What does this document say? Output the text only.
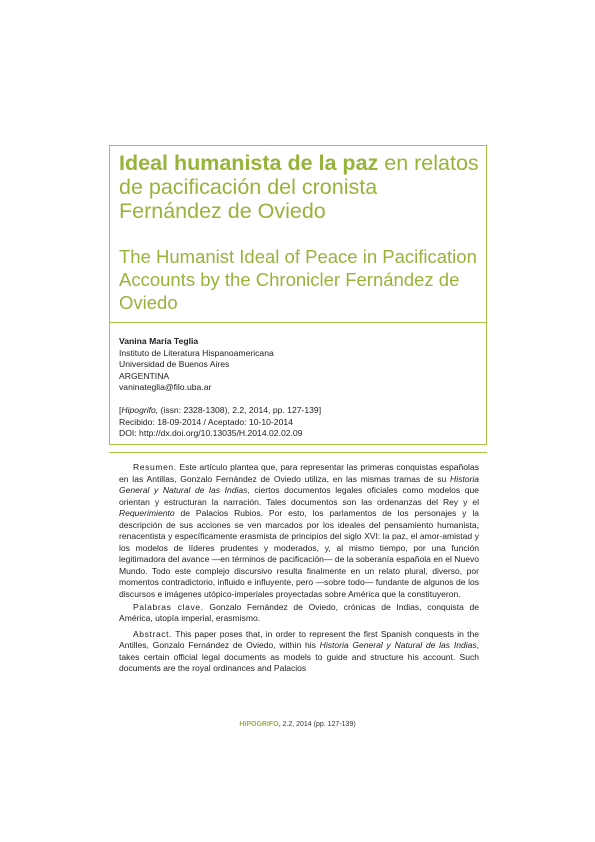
Ideal humanista de la paz en relatos de pacificación del cronista Fernández de Oviedo
The Humanist Ideal of Peace in Pacification Accounts by the Chronicler Fernández de Oviedo
Vanina María Teglia
Instituto de Literatura Hispanoamericana
Universidad de Buenos Aires
ARGENTINA
vaninateglia@filo.uba.ar
[Hipogrifo, (issn: 2328-1308), 2.2, 2014, pp. 127-139]
Recibido: 18-09-2014 / Aceptado: 10-10-2014
DOI: http://dx.doi.org/10.13035/H.2014.02.02.09

Resumen. Este artículo plantea que, para representar las primeras conquistas españolas en las Antillas, Gonzalo Fernández de Oviedo utiliza, en las mismas tramas de su Historia General y Natural de las Indias, ciertos documentos legales oficiales como modelos que orientan y estructuran la narración. Tales documentos son las ordenanzas del Rey y el Requerimiento de Palacios Rubios. Por esto, los parlamentos de los personajes y la descripción de sus acciones se ven marcados por los ideales del pensamiento humanista, renacentista y específicamente erasmista de principios del siglo XVI: la paz, el amor-amistad y los modelos de líderes prudentes y moderados, y, al mismo tiempo, por una función legitimadora del avance —en términos de pacificación— de la soberanía española en el Nuevo Mundo. Todo este complejo discursivo resulta finalmente en un relato plural, diverso, por momentos contradictorio, influido e influyente, pero —sobre todo— fundante de algunos de los discursos e imágenes utópico-imperiales proyectadas sobre América que la constituyeron.

Palabras clave. Gonzalo Fernández de Oviedo, crónicas de Indias, conquista de América, utopía imperial, erasmismo.

Abstract. This paper poses that, in order to represent the first Spanish conquests in the Antilles, Gonzalo Fernández de Oviedo, within his Historia General y Natural de las Indias, takes certain official legal documents as models to guide and structure his account. Such documents are the royal ordinances and Palacios

HIPOGRIFO, 2.2, 2014 (pp. 127-139)
